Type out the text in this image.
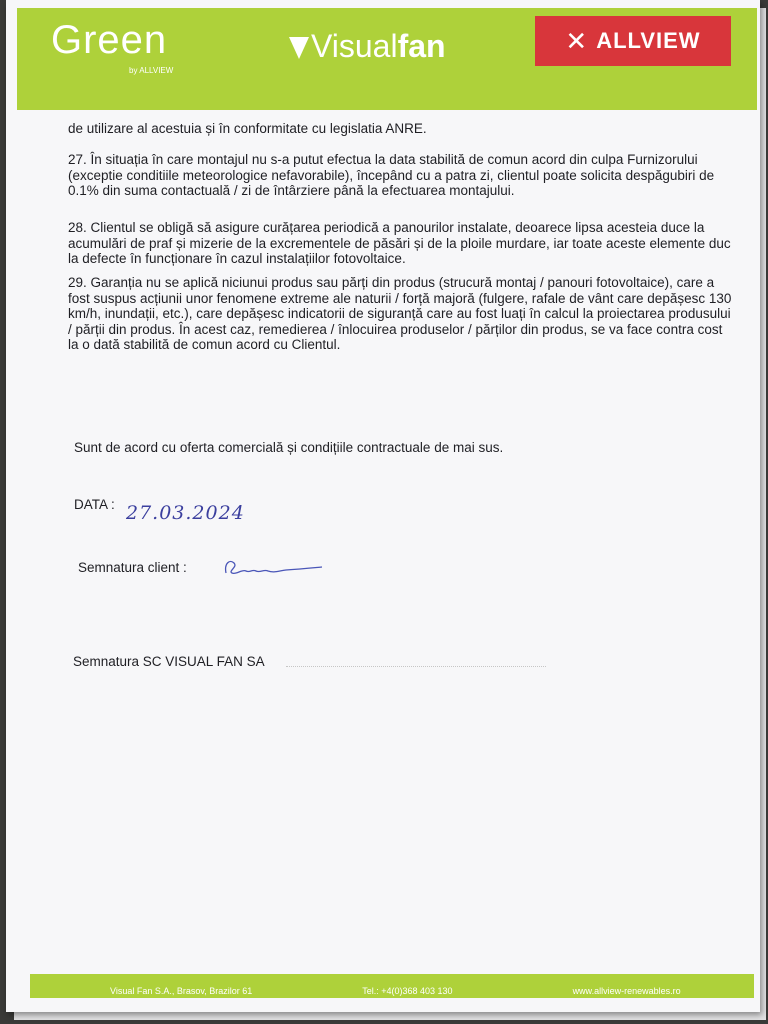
Green
by ALLVIEW
Visualfan	✕ ALLVIEW
de utilizare al acestuia și în conformitate cu legislatia ANRE.
27. În situația în care montajul nu s-a putut efectua la data stabilită de comun acord din culpa Furnizorului (exceptie conditiile meteorologice nefavorabile), începând cu a patra zi, clientul poate solicita despăgubiri de 0.1% din suma contactuală / zi de întârziere până la efectuarea montajului.
28. Clientul se obligă să asigure curățarea periodică a panourilor instalate, deoarece lipsa acesteia duce la acumulări de praf și mizerie de la excrementele de păsări și de la ploile murdare, iar toate aceste elemente duc la defecte în funcționare în cazul instalațiilor fotovoltaice.
29. Garanția nu se aplică niciunui produs sau părți din produs (strucură montaj / panouri fotovoltaice), care a fost suspus acțiunii unor fenomene extreme ale naturii / forță majoră (fulgere, rafale de vânt care depășesc 130 km/h, inundații, etc.), care depășesc indicatorii de siguranță care au fost luați în calcul la proiectarea produsului / părții din produs. În acest caz, remedierea / înlocuirea produselor / părților din produs, se va face contra cost la o dată stabilită de comun acord cu Clientul.
Sunt de acord cu oferta comercială și condițiile contractuale de mai sus.
DATA : 27.03.2024
Semnatura client :
Semnatura SC VISUAL FAN SA
Visual Fan S.A., Brasov, Brazilor 61	Tel.: +4(0)368 403 130	www.allview-renewables.ro
